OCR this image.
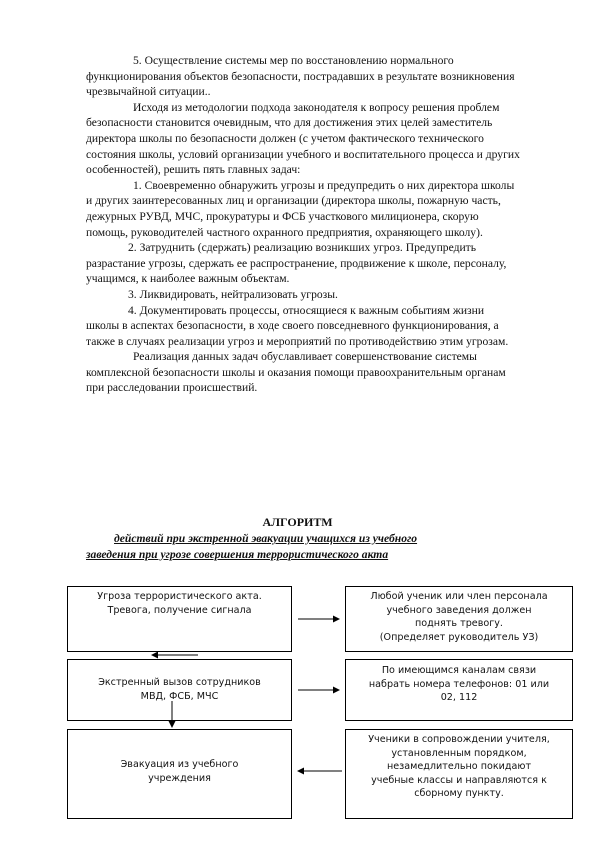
5. Осуществление системы мер по восстановлению нормального функционирования объектов безопасности, пострадавших в результате возникновения чрезвычайной ситуации..

Исходя из методологии подхода законодателя к вопросу решения проблем безопасности становится очевидным, что для достижения этих целей заместитель директора школы по безопасности должен (с учетом фактического технического состояния школы, условий организации учебного и воспитательного процесса и других особенностей), решить пять главных задач:

1. Своевременно обнаружить угрозы и предупредить о них директора школы и других заинтересованных лиц и организации (директора школы, пожарную часть, дежурных РУВД, МЧС, прокуратуры и ФСБ участкового милиционера, скорую помощь, руководителей частного охранного предприятия, охраняющего школу).

2. Затруднить (сдержать) реализацию возникших угроз. Предупредить разрастание угрозы, сдержать ее распространение, продвижение к школе, персоналу, учащимся, к наиболее важным объектам.

3. Ликвидировать, нейтрализовать угрозы.

4. Документировать процессы, относящиеся к важным событиям жизни школы в аспектах безопасности, в ходе своего повседневного функционирования, а также в случаях реализации угроз и мероприятий по противодействию этим угрозам.

Реализация данных задач обуславливает совершенствование системы комплексной безопасности школы и оказания помощи правоохранительным органам при расследовании происшествий.

АЛГОРИТМ
действий при экстренной эвакуации учащихся из учебного
заведения при угрозе совершения террористического акта
Угроза террористического акта.
Тревога, получение сигнала
Любой ученик или член персонала
учебного заведения должен
поднять тревогу.
(Определяет руководитель УЗ)
Экстренный вызов сотрудников
МВД, ФСБ, МЧС
По имеющимся каналам связи
набрать номера телефонов: 01 или
02, 112
Эвакуация из учебного
учреждения
Ученики в сопровождении учителя,
установленным порядком,
незамедлительно покидают
учебные классы и направляются к
сборному пункту.
